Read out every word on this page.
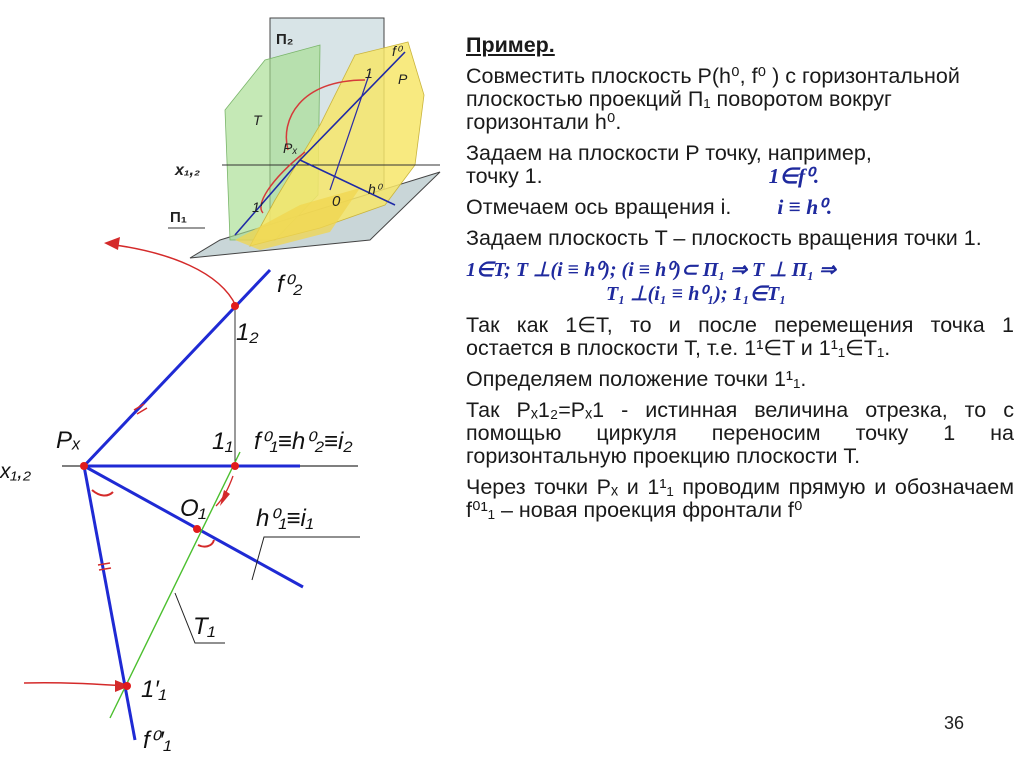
П₂
f⁰
P
1
T
Pₓ
x₁,₂
0
h⁰
1′
П₁
f⁰₂
1₂
Pₓ
x₁,₂
1₁ f⁰₁≡h⁰₂≡i₂
O₁ h⁰₁≡i₁
T₁
1′₁
f⁰′₁

Пример.

Совместить плоскость P(h⁰, f⁰ ) с горизонтальной плоскостью проекций П₁ поворотом вокруг горизонтали h⁰.

Задаем на плоскости P точку, например,
точку 1.	1∈f⁰.

Отмечаем ось вращения i. i ≡ h⁰.

Задаем плоскость T – плоскость вращения точки 1.

1∈T; T ⊥(i ≡ h⁰); (i ≡ h⁰)⊂ П₁ ⇒ T ⊥ П₁ ⇒
T₁ ⊥(i₁ ≡ h⁰₁); 1₁∈T₁

Так как 1∈T, то и после перемещения точка 1 остается в плоскости T, т.е. 1¹∈T и 1¹₁∈T₁.

Определяем положение точки 1¹₁.

Так Pₓ1₂=Pₓ1 - истинная величина отрезка, то с помощью циркуля переносим точку 1 на горизонтальную проекцию плоскости T.

Через точки Pₓ и 1¹₁ проводим прямую и обозначаем f⁰¹₁ – новая проекция фронтали f⁰

36
